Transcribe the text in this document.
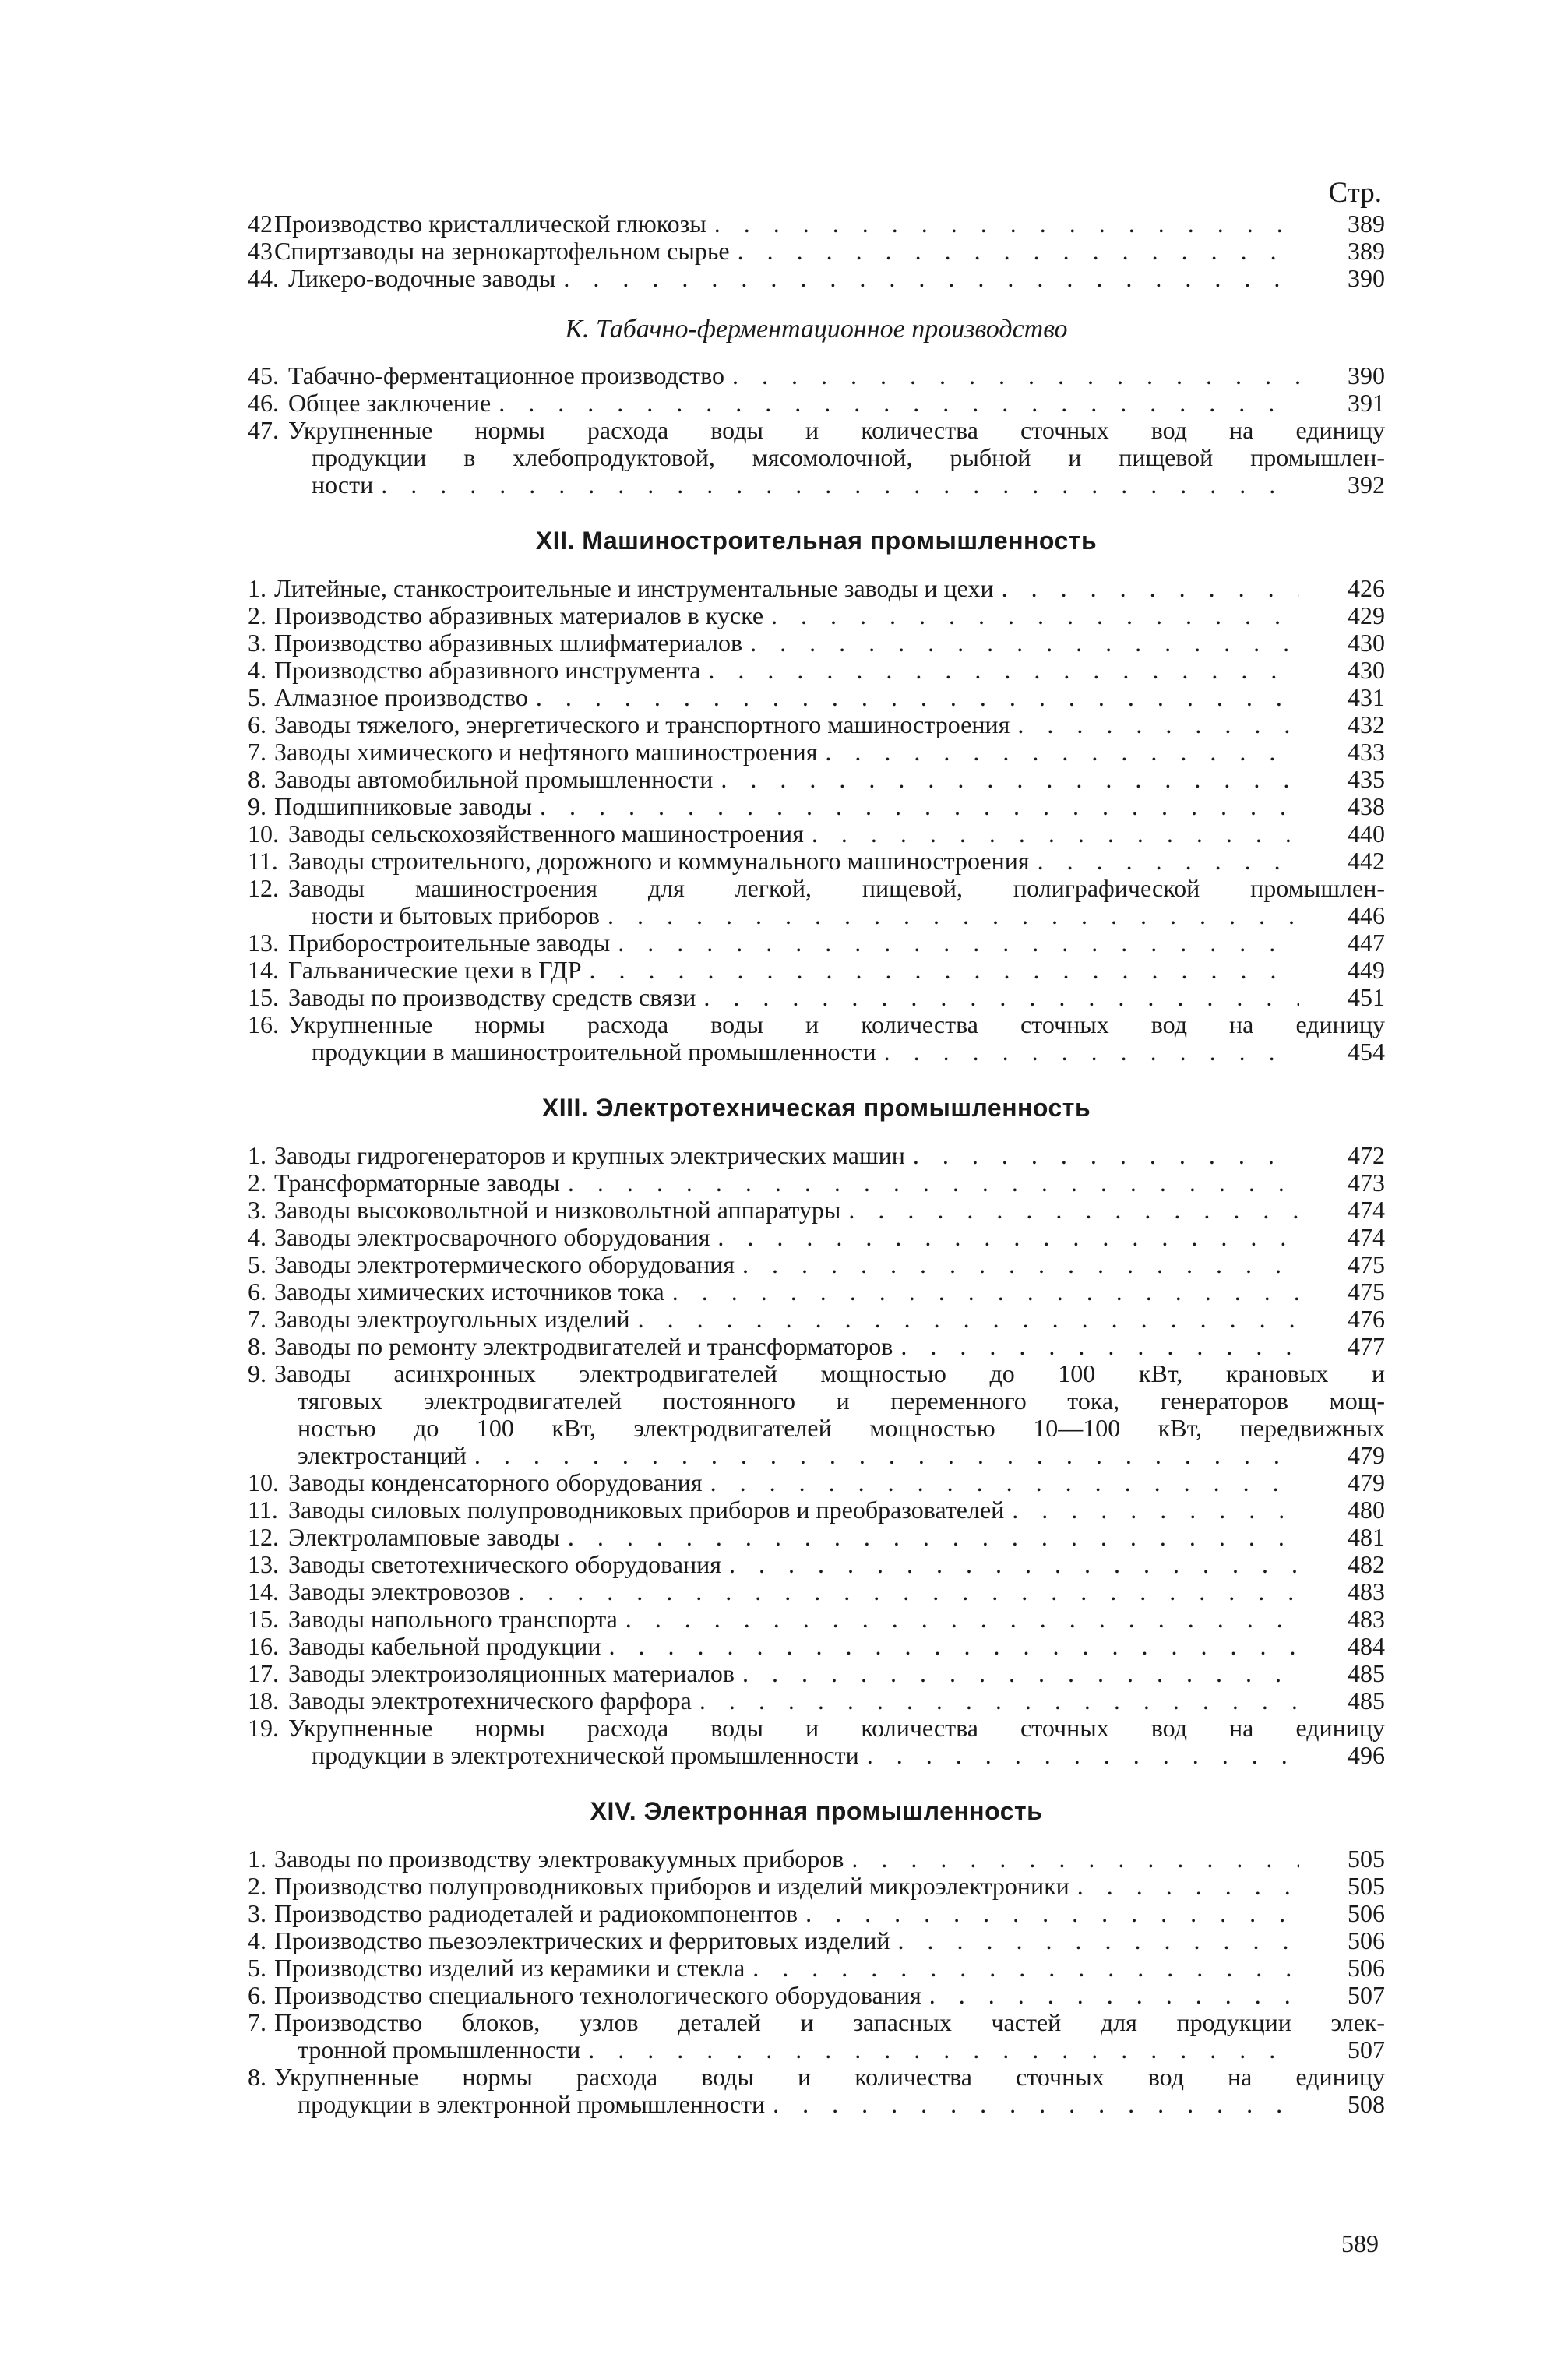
Стр.
42 Производство кристаллической глюкозы . . .	389
43 Спиртзаводы на зернокартофельном сырье . . .	389
44. Ликеро-водочные заводы . . .	390
К. Табачно-ферментационное производство
45. Табачно-ферментационное производство . . .	390
46. Общее заключение . . .	391
47. Укрупненные нормы расхода воды и количества сточных вод на единицу
продукции в хлебопродуктовой, мясомолочной, рыбной и пищевой промышлен-
ности . . .	392
XII. Машиностроительная промышленность
1. Литейные, станкостроительные и инструментальные заводы и цехи . . .	426
2. Производство абразивных материалов в куске . . .	429
3. Производство абразивных шлифматериалов . . .	430
4. Производство абразивного инструмента . . .	430
5. Алмазное производство . . .	431
6. Заводы тяжелого, энергетического и транспортного машиностроения . . .	432
7. Заводы химического и нефтяного машиностроения . . .	433
8. Заводы автомобильной промышленности . . .	435
9. Подшипниковые заводы . . .	438
10. Заводы сельскохозяйственного машиностроения . . .	440
11. Заводы строительного, дорожного и коммунального машиностроения . . .	442
12. Заводы машиностроения для легкой, пищевой, полиграфической промышлен-
ности и бытовых приборов . . .	446
13. Приборостроительные заводы . . .	447
14. Гальванические цехи в ГДР . . .	449
15. Заводы по производству средств связи . . .	451
16. Укрупненные нормы расхода воды и количества сточных вод на единицу
продукции в машиностроительной промышленности . . .	454
XIII. Электротехническая промышленность
1. Заводы гидрогенераторов и крупных электрических машин . . .	472
2. Трансформаторные заводы . . .	473
3. Заводы высоковольтной и низковольтной аппаратуры . . .	474
4. Заводы электросварочного оборудования . . .	474
5. Заводы электротермического оборудования . . .	475
6. Заводы химических источников тока . . .	475
7. Заводы электроугольных изделий . . .	476
8. Заводы по ремонту электродвигателей и трансформаторов . . .	477
9. Заводы асинхронных электродвигателей мощностью до 100 кВт, крановых и
тяговых электродвигателей постоянного и переменного тока, генераторов мощ-
ностью до 100 кВт, электродвигателей мощностью 10—100 кВт, передвижных
электростанций . . .	479
10. Заводы конденсаторного оборудования . . .	479
11. Заводы силовых полупроводниковых приборов и преобразователей . . .	480
12. Электроламповые заводы . . .	481
13. Заводы светотехнического оборудования . . .	482
14. Заводы электровозов . . .	483
15. Заводы напольного транспорта . . .	483
16. Заводы кабельной продукции . . .	484
17. Заводы электроизоляционных материалов . . .	485
18. Заводы электротехнического фарфора . . .	485
19. Укрупненные нормы расхода воды и количества сточных вод на единицу
продукции в электротехнической промышленности . . .	496
XIV. Электронная промышленность
1. Заводы по производству электровакуумных приборов . . .	505
2. Производство полупроводниковых приборов и изделий микроэлектроники . . .	505
3. Производство радиодеталей и радиокомпонентов . . .	506
4. Производство пьезоэлектрических и ферритовых изделий . . .	506
5. Производство изделий из керамики и стекла . . .	506
6. Производство специального технологического оборудования . . .	507
7. Производство блоков, узлов деталей и запасных частей для продукции элек-
тронной промышленности . . .	507
8. Укрупненные нормы расхода воды и количества сточных вод на единицу
продукции в электронной промышленности . . .	508
589
